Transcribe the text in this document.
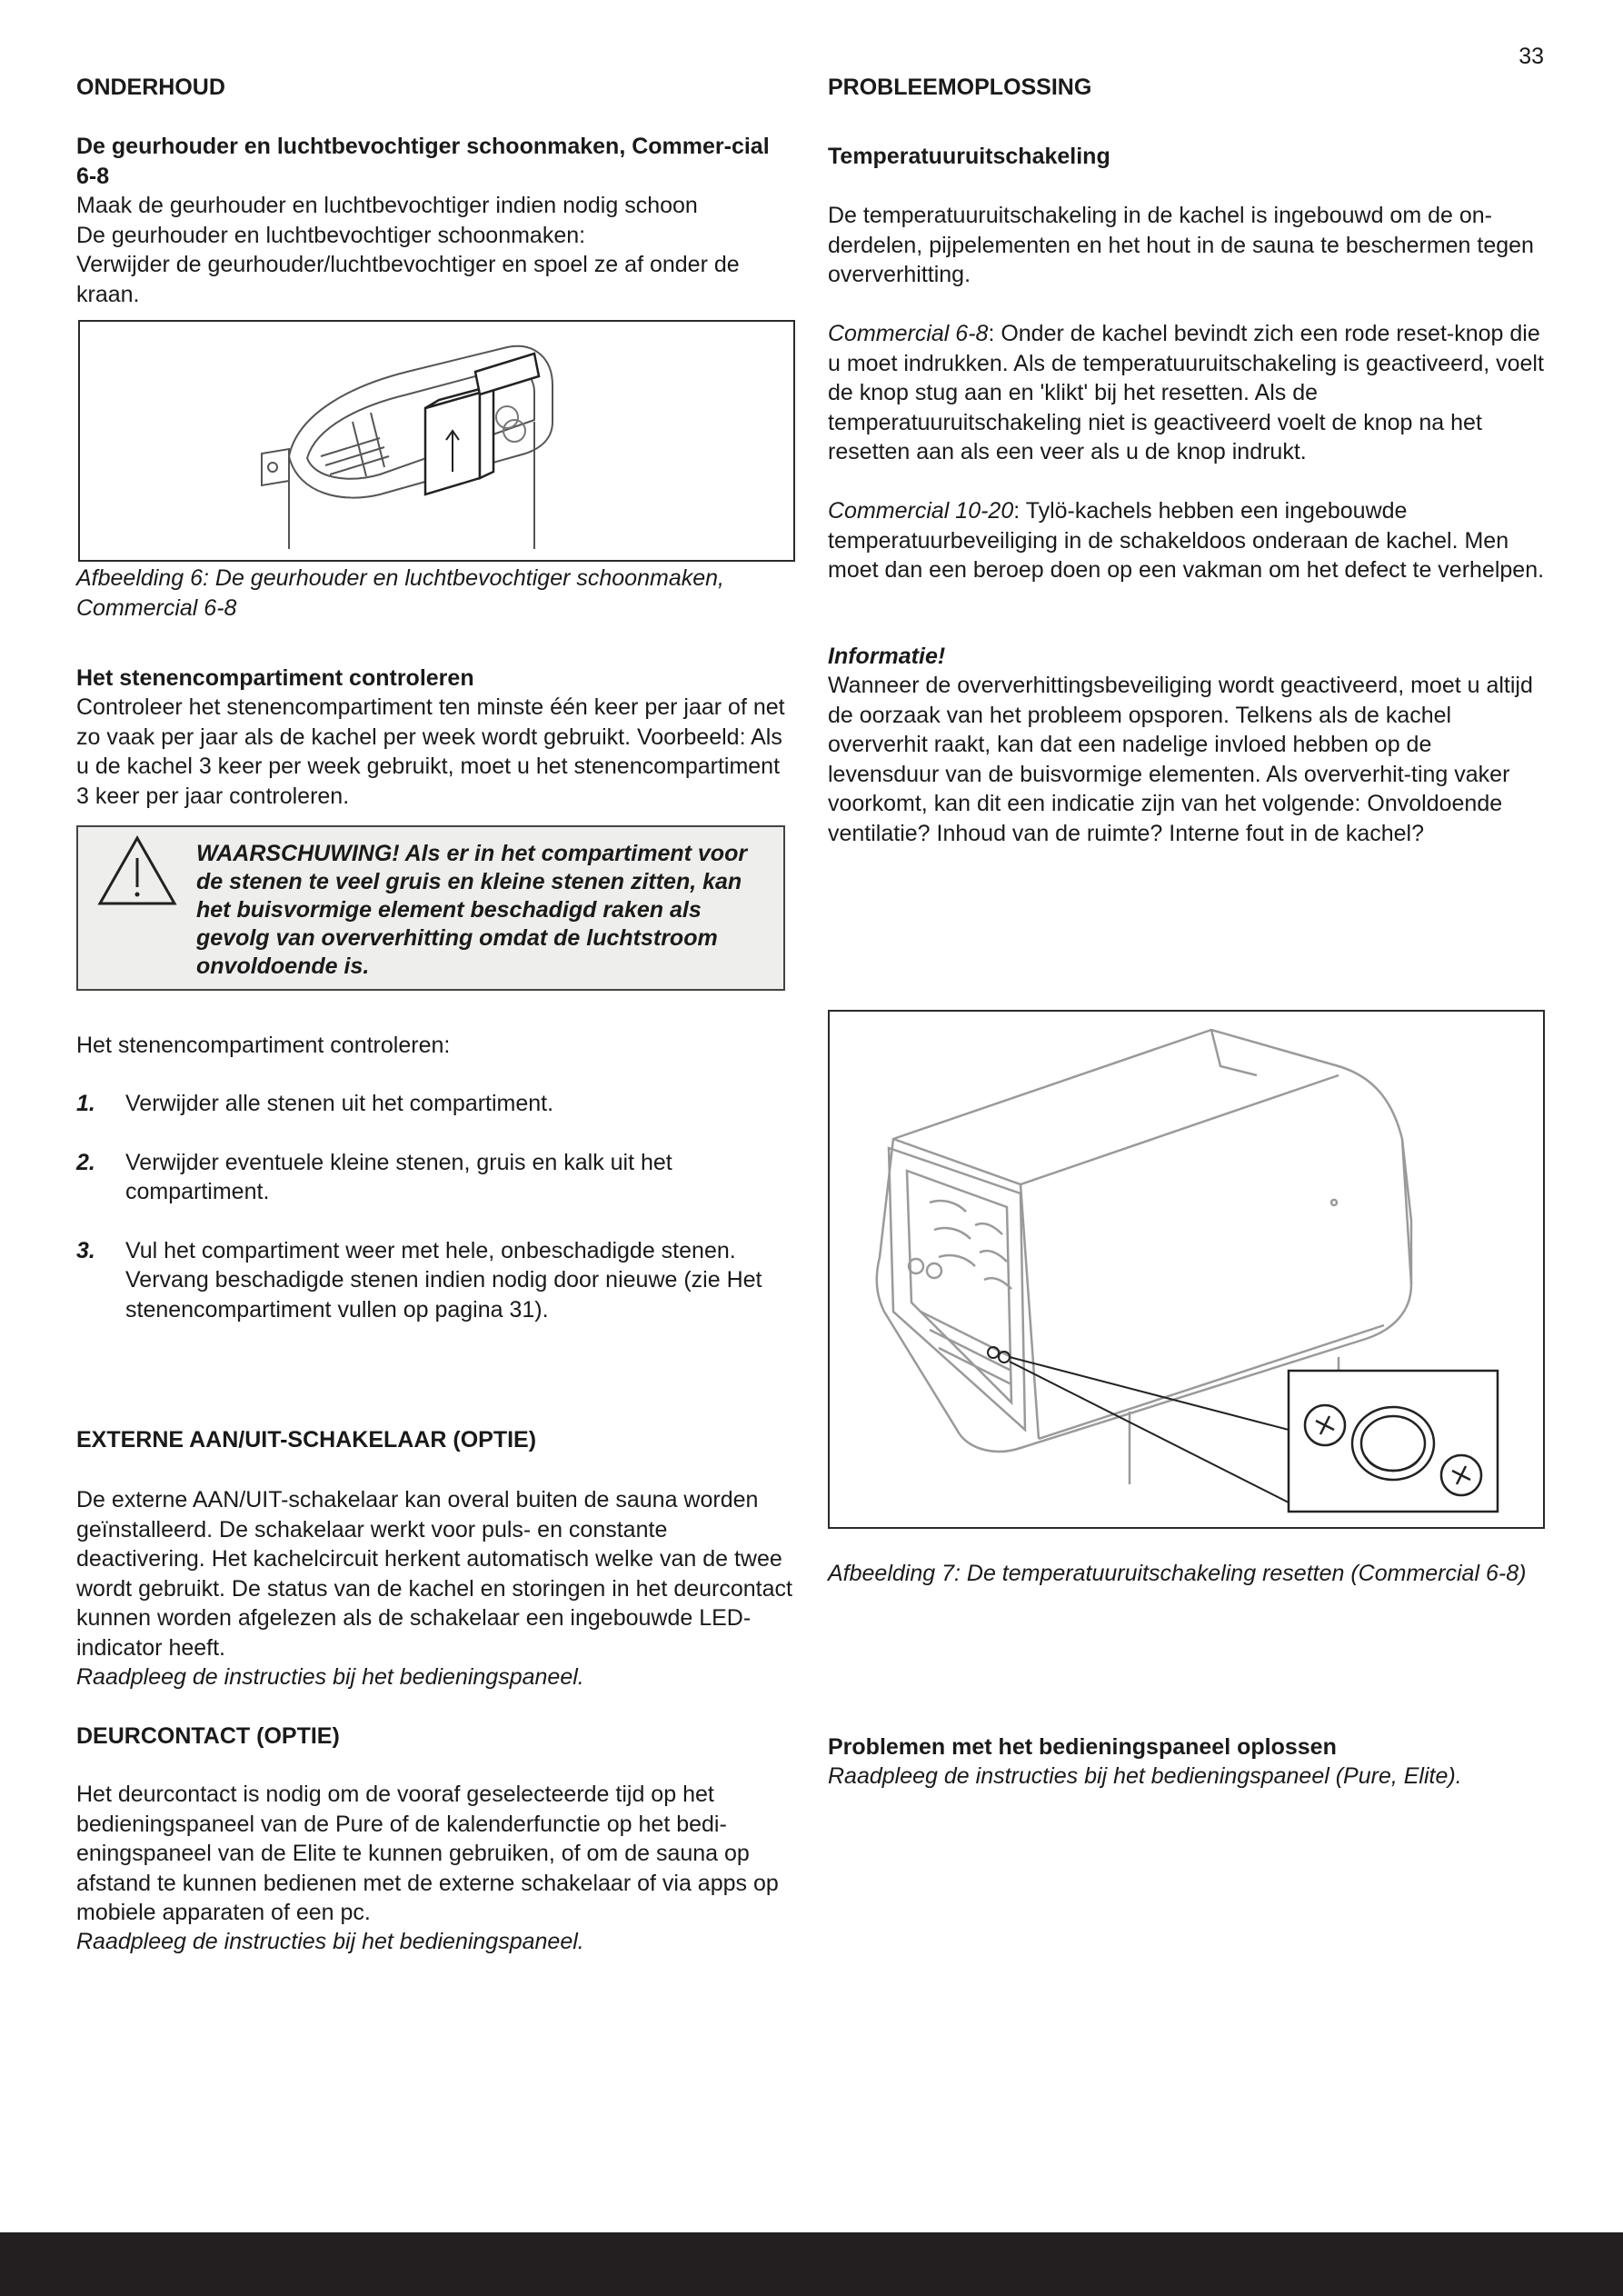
33
ONDERHOUD
De geurhouder en luchtbevochtiger schoonmaken, Commer-cial 6-8

Maak de geurhouder en luchtbevochtiger indien nodig schoon

De geurhouder en luchtbevochtiger schoonmaken:

Verwijder de geurhouder/luchtbevochtiger en spoel ze af onder de kraan.

Afbeelding 6: De geurhouder en luchtbevochtiger schoonmaken, Commercial 6-8
Het stenencompartiment controleren
Controleer het stenencompartiment ten minste één keer per jaar of net zo vaak per jaar als de kachel per week wordt gebruikt. Voorbeeld: Als u de kachel 3 keer per week gebruikt, moet u het stenencompartiment 3 keer per jaar controleren.
WAARSCHUWING! Als er in het compartiment voor de stenen te veel gruis en kleine stenen zitten, kan het buisvormige element beschadigd raken als gevolg van oververhitting omdat de luchtstroom onvoldoende is.
Het stenencompartiment controleren:
1. Verwijder alle stenen uit het compartiment.
2. Verwijder eventuele kleine stenen, gruis en kalk uit het compartiment.
3. Vul het compartiment weer met hele, onbeschadigde stenen. Vervang beschadigde stenen indien nodig door nieuwe (zie Het stenencompartiment vullen op pagina 31).
EXTERNE AAN/UIT-SCHAKELAAR (OPTIE)
De externe AAN/UIT-schakelaar kan overal buiten de sauna worden geïnstalleerd. De schakelaar werkt voor puls- en constante deactivering. Het kachelcircuit herkent automatisch welke van de twee wordt gebruikt. De status van de kachel en storingen in het deurcontact kunnen worden afgelezen als de schakelaar een ingebouwde LED-indicator heeft.
Raadpleeg de instructies bij het bedieningspaneel.
DEURCONTACT (OPTIE)
Het deurcontact is nodig om de vooraf geselecteerde tijd op het bedieningspaneel van de Pure of de kalenderfunctie op het bedi-eningspaneel van de Elite te kunnen gebruiken, of om de sauna op afstand te kunnen bedienen met de externe schakelaar of via apps op mobiele apparaten of een pc.
Raadpleeg de instructies bij het bedieningspaneel.
PROBLEEMOPLOSSING
Temperatuuruitschakeling
De temperatuuruitschakeling in de kachel is ingebouwd om de on-derdelen, pijpelementen en het hout in de sauna te beschermen tegen oververhitting.
Commercial 6-8: Onder de kachel bevindt zich een rode reset-knop die u moet indrukken. Als de temperatuuruitschakeling is geactiveerd, voelt de knop stug aan en 'klikt' bij het resetten. Als de temperatuuruitschakeling niet is geactiveerd voelt de knop na het resetten aan als een veer als u de knop indrukt.
Commercial 10-20: Tylö-kachels hebben een ingebouwde temperatuurbeveiliging in de schakeldoos onderaan de kachel. Men moet dan een beroep doen op een vakman om het defect te verhelpen.
Informatie!
Wanneer de oververhittingsbeveiliging wordt geactiveerd, moet u altijd de oorzaak van het probleem opsporen. Telkens als de kachel oververhit raakt, kan dat een nadelige invloed hebben op de levensduur van de buisvormige elementen. Als oververhit-ting vaker voorkomt, kan dit een indicatie zijn van het volgende: Onvoldoende ventilatie? Inhoud van de ruimte? Interne fout in de kachel?
Afbeelding 7: De temperatuuruitschakeling resetten (Commercial 6-8)
Problemen met het bedieningspaneel oplossen
Raadpleeg de instructies bij het bedieningspaneel (Pure, Elite).
